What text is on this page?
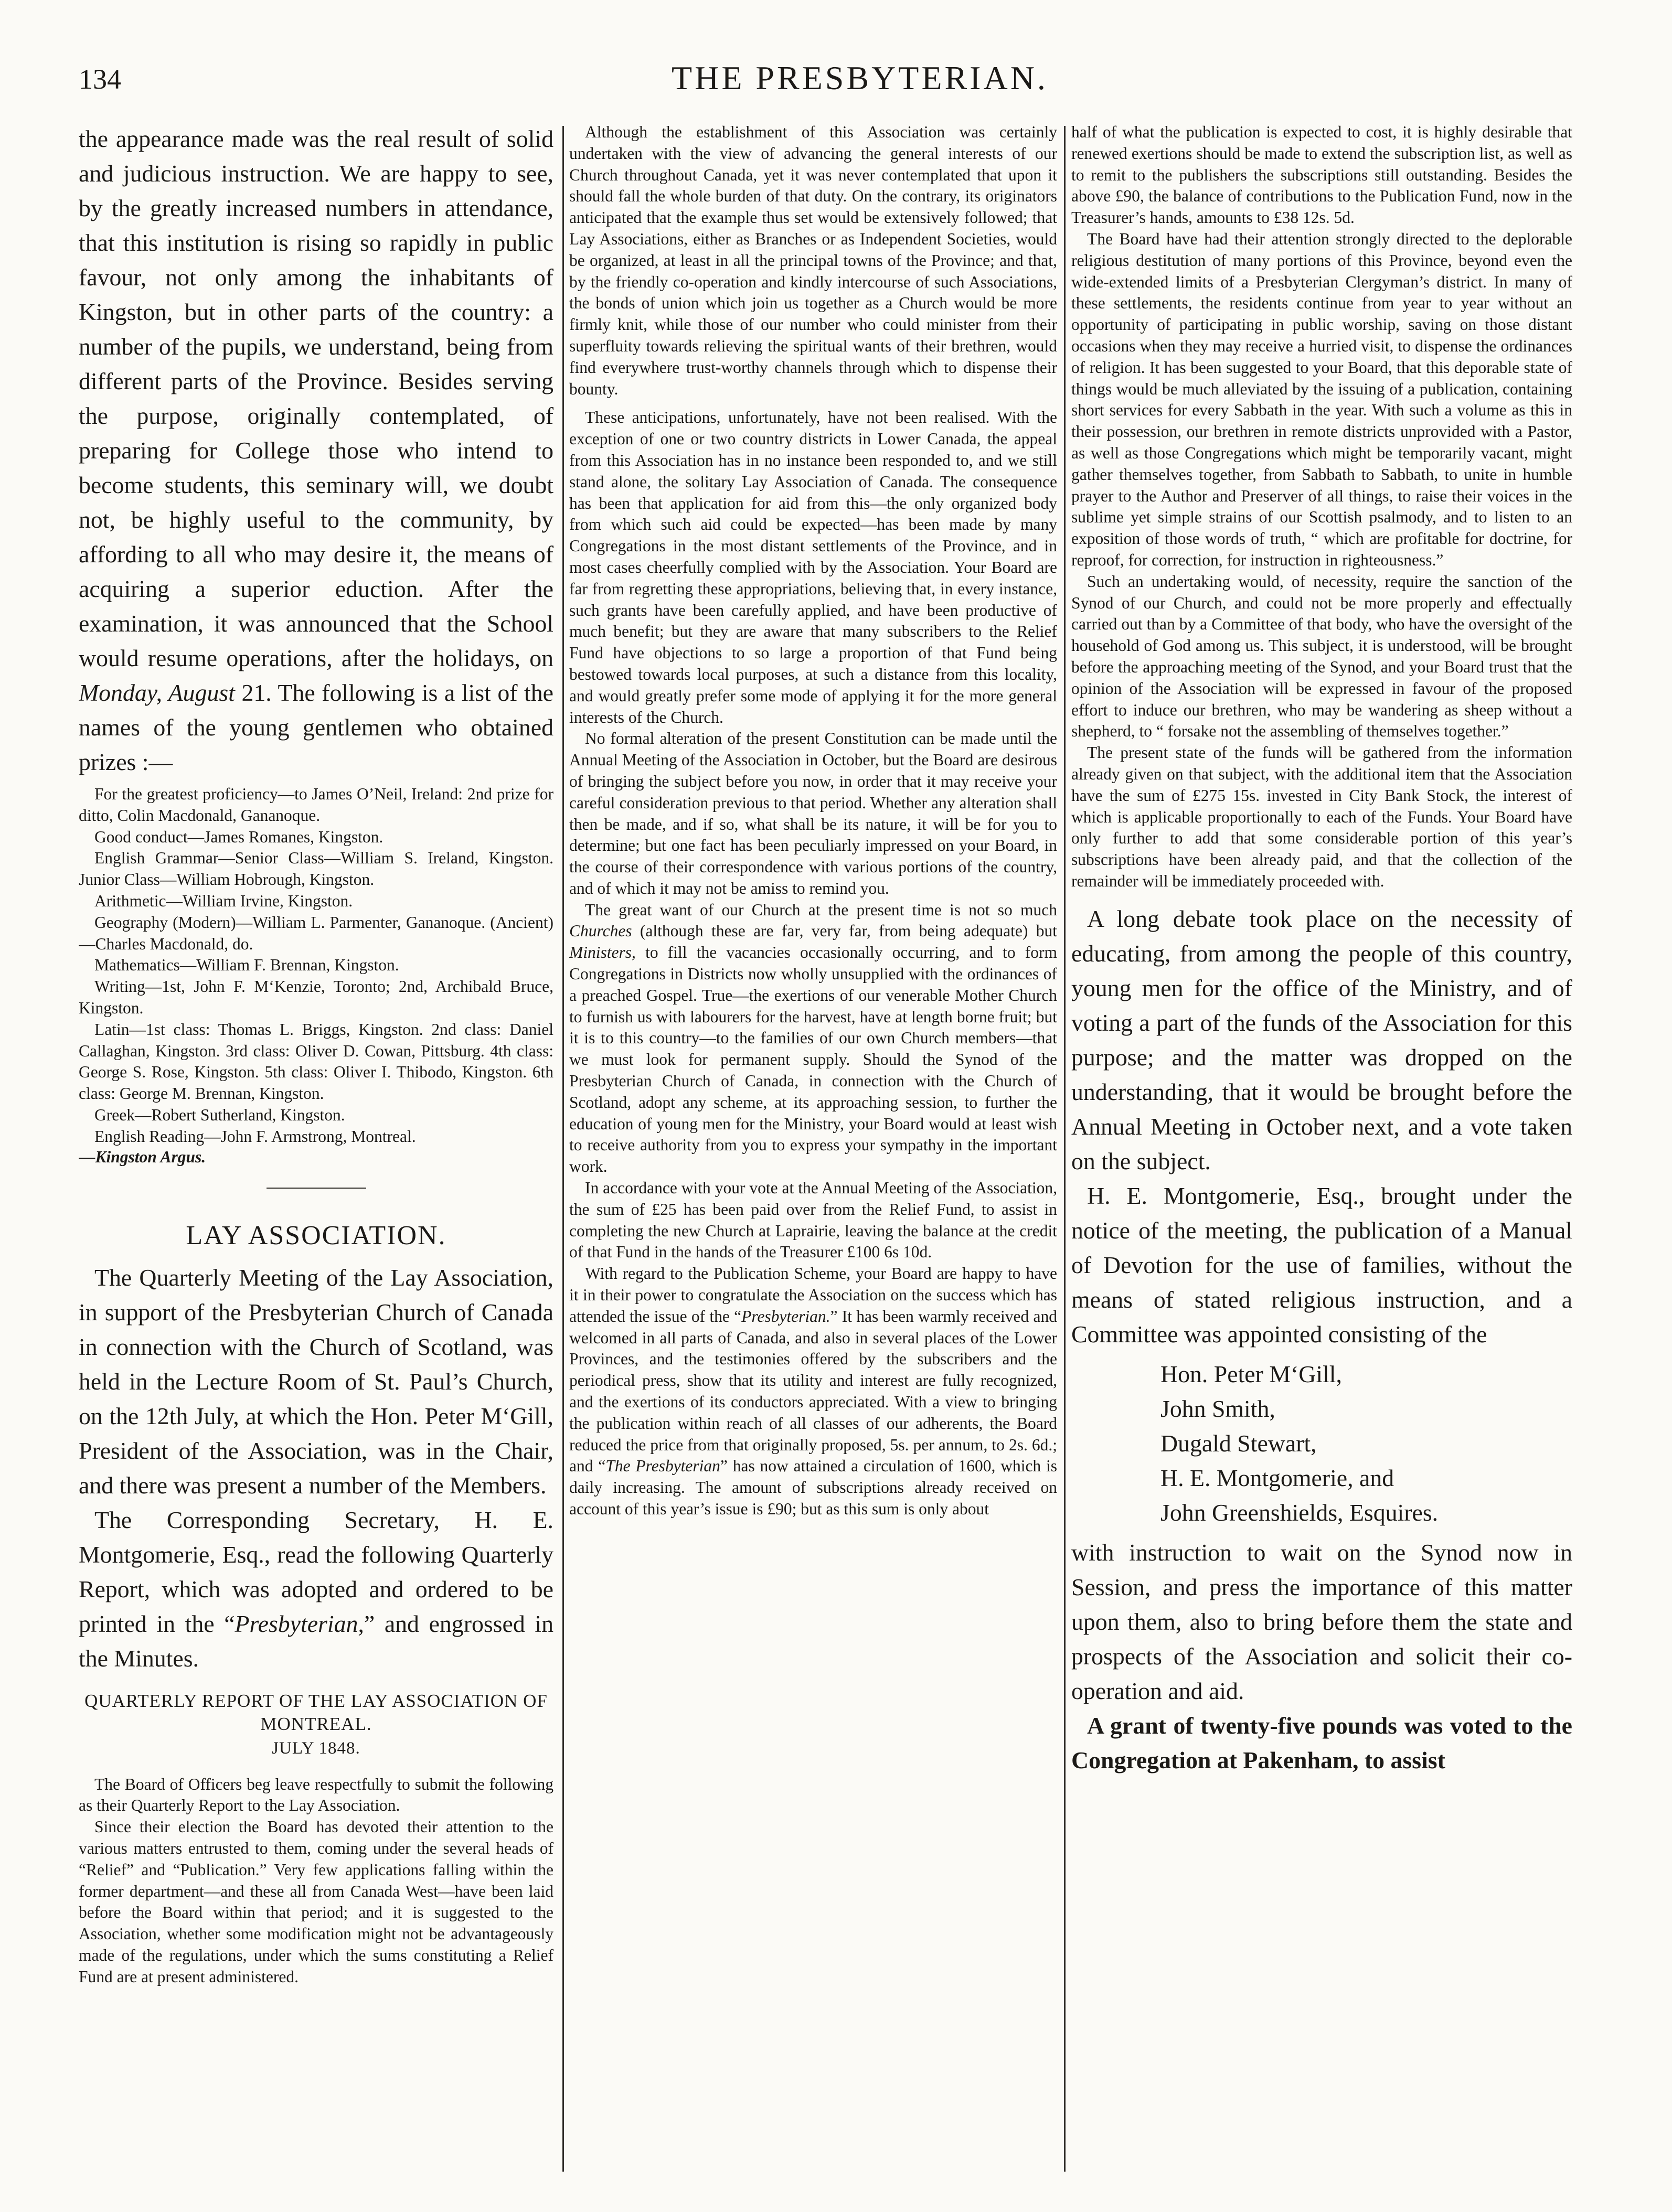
134	THE PRESBYTERIAN.

the appearance made was the real result of solid and judicious instruction. We are happy to see, by the greatly increased numbers in attendance, that this institution is rising so rapidly in public favour, not only among the inhabitants of Kingston, but in other parts of the country: a number of the pupils, we understand, being from different parts of the Province. Besides serving the purpose, originally contemplated, of preparing for College those who intend to become students, this seminary will, we doubt not, be highly useful to the community, by affording to all who may desire it, the means of acquiring a superior eduсtion. After the examination, it was announced that the School would resume operations, after the holidays, on Monday, August 21. The following is a list of the names of the young gentlemen who obtained prizes :—

For the greatest proficiency—to James O’Neil, Ireland: 2nd prize for ditto, Colin Macdonald, Gananoque.

Good conduct—James Romanes, Kingston.

English Grammar—Senior Class—William S. Ireland, Kingston. Junior Class—William Hobrough, Kingston.

Arithmetic—William Irvine, Kingston.

Geography (Modern)—William L. Parmenter, Gananoque. (Ancient)—Charles Macdonald, do.

Mathematics—William F. Brennan, Kingston.

Writing—1st, John F. M‘Kenzie, Toronto; 2nd, Archibald Bruce, Kingston.

Latin—1st class: Thomas L. Briggs, Kingston. 2nd class: Daniel Callaghan, Kingston. 3rd class: Oliver D. Cowan, Pittsburg. 4th class: George S. Rose, Kingston. 5th class: Oliver I. Thibodo, Kingston. 6th class: George M. Brennan, Kingston.

Greek—Robert Sutherland, Kingston.

English Reading—John F. Armstrong, Montreal.

—Kingston Argus.

LAY ASSOCIATION.

The Quarterly Meeting of the Lay Association, in support of the Presbyterian Church of Canada in connection with the Church of Scotland, was held in the Lecture Room of St. Paul’s Church, on the 12th July, at which the Hon. Peter M‘Gill, President of the Association, was in the Chair, and there was present a number of the Members.

The Corresponding Secretary, H. E. Montgomerie, Esq., read the following Quarterly Report, which was adopted and ordered to be printed in the “Presbyterian,” and engrossed in the Minutes.

QUARTERLY REPORT OF THE LAY ASSOCIATION OF MONTREAL.
JULY 1848.

The Board of Officers beg leave respectfully to submit the following as their Quarterly Report to the Lay Association.

Since their election the Board has devoted their attention to the various matters entrusted to them, coming under the several heads of “Relief” and “Publication.” Very few applications falling within the former department—and these all from Canada West—have been laid before the Board within that period; and it is suggested to the Association, whether some modification might not be advantageously made of the regulations, under which the sums constituting a Relief Fund are at present administered.

Although the establishment of this Association was certainly undertaken with the view of advancing the general interests of our Church throughout Canada, yet it was never contemplated that upon it should fall the whole burden of that duty. On the contrary, its originators anticipated that the example thus set would be extensively followed; that Lay Associations, either as Branches or as Independent Societies, would be organized, at least in all the principal towns of the Province; and that, by the friendly co-operation and kindly intercourse of such Associations, the bonds of union which join us together as a Church would be more firmly knit, while those of our number who could minister from their superfluity towards relieving the spiritual wants of their brethren, would find everywhere trust-worthy channels through which to dispense their bounty.

These anticipations, unfortunately, have not been realised. With the exception of one or two country districts in Lower Canada, the appeal from this Association has in no instance been responded to, and we still stand alone, the solitary Lay Association of Canada. The consequence has been that application for aid from this—the only organized body from which such aid could be expected—has been made by many Congregations in the most distant settlements of the Province, and in most cases cheerfully complied with by the Association. Your Board are far from regretting these appropriations, believing that, in every instance, such grants have been carefully applied, and have been productive of much benefit; but they are aware that many subscribers to the Relief Fund have objections to so large a proportion of that Fund being bestowed towards local purposes, at such a distance from this locality, and would greatly prefer some mode of applying it for the more general interests of the Church.

No formal alteration of the present Constitution can be made until the Annual Meeting of the Association in October, but the Board are desirous of bringing the subject before you now, in order that it may receive your careful consideration previous to that period. Whether any alteration shall then be made, and if so, what shall be its nature, it will be for you to determine; but one fact has been peculiarly impressed on your Board, in the course of their correspondence with various portions of the country, and of which it may not be amiss to remind you.

The great want of our Church at the present time is not so much Churches (although these are far, very far, from being adequate) but Ministers, to fill the vacancies occasionally occurring, and to form Congregations in Districts now wholly unsupplied with the ordinances of a preached Gospel. True—the exertions of our venerable Mother Church to furnish us with labourers for the harvest, have at length borne fruit; but it is to this country—to the families of our own Church members—that we must look for permanent supply. Should the Synod of the Presbyterian Church of Canada, in connection with the Church of Scotland, adopt any scheme, at its approaching session, to further the education of young men for the Ministry, your Board would at least wish to receive authority from you to express your sympathy in the important work.

In accordance with your vote at the Annual Meeting of the Association, the sum of £25 has been paid over from the Relief Fund, to assist in completing the new Church at Laprairie, leaving the balance at the credit of that Fund in the hands of the Treasurer £100 6s 10d.

With regard to the Publication Scheme, your Board are happy to have it in their power to congratulate the Association on the success which has attended the issue of the “Presbyterian.” It has been warmly received and welcomed in all parts of Canada, and also in several places of the Lower Provinces, and the testimonies offered by the subscribers and the periodical press, show that its utility and interest are fully recognized, and the exertions of its conductors appreciated. With a view to bringing the publication within reach of all classes of our adherents, the Board reduced the price from that originally proposed, 5s. per annum, to 2s. 6d.; and “The Presbyterian” has now attained a circulation of 1600, which is daily increasing. The amount of subscriptions already received on account of this year’s issue is £90; but as this sum is only about

half of what the publication is expected to cost, it is highly desirable that renewed exertions should be made to extend the subscription list, as well as to remit to the publishers the subscriptions still outstanding. Besides the above £90, the balance of contributions to the Publication Fund, now in the Treasurer’s hands, amounts to £38 12s. 5d.

The Board have had their attention strongly directed to the deplorable religious destitution of many portions of this Province, beyond even the wide-extended limits of a Presbyterian Clergyman’s district. In many of these settlements, the residents continue from year to year without an opportunity of participating in public worship, saving on those distant occasions when they may receive a hurried visit, to dispense the ordinances of religion. It has been suggested to your Board, that this deporable state of things would be much alleviated by the issuing of a publication, containing short services for every Sabbath in the year. With such a volume as this in their possession, our brethren in remote districts unprovided with a Pastor, as well as those Congregations which might be temporarily vacant, might gather themselves together, from Sabbath to Sabbath, to unite in humble prayer to the Author and Preserver of all things, to raise their voices in the sublime yet simple strains of our Scottish psalmody, and to listen to an exposition of those words of truth, “ which are profitable for doctrine, for reproof, for correction, for instruction in righteousness.”

Such an undertaking would, of necessity, require the sanction of the Synod of our Church, and could not be more properly and effectually carried out than by a Committee of that body, who have the oversight of the household of God among us. This subject, it is understood, will be brought before the approaching meeting of the Synod, and your Board trust that the opinion of the Association will be expressed in favour of the proposed effort to induce our brethren, who may be wandering as sheep without a shepherd, to “ forsake not the assembling of themselves together.”

The present state of the funds will be gathered from the information already given on that subject, with the additional item that the Association have the sum of £275 15s. invested in City Bank Stock, the interest of which is applicable proportionally to each of the Funds. Your Board have only further to add that some considerable portion of this year’s subscriptions have been already paid, and that the collection of the remainder will be immediately proceeded with.

A long debate took place on the necessity of educating, from among the people of this country, young men for the office of the Ministry, and of voting a part of the funds of the Association for this purpose; and the matter was dropped on the understanding, that it would be brought before the Annual Meeting in October next, and a vote taken on the subject.

H. E. Montgomerie, Esq., brought under the notice of the meeting, the publication of a Manual of Devotion for the use of families, without the means of stated religious instruction, and a Committee was appointed consisting of the

Hon. Peter M‘Gill,
John Smith,
Dugald Stewart,
H. E. Montgomerie, and
John Greenshields, Esquires.

with instruction to wait on the Synod now in Session, and press the importance of this matter upon them, also to bring before them the state and prospects of the Association and solicit their co-operation and aid.

A grant of twenty-five pounds was voted to the Congregation at Pakenham, to assist
